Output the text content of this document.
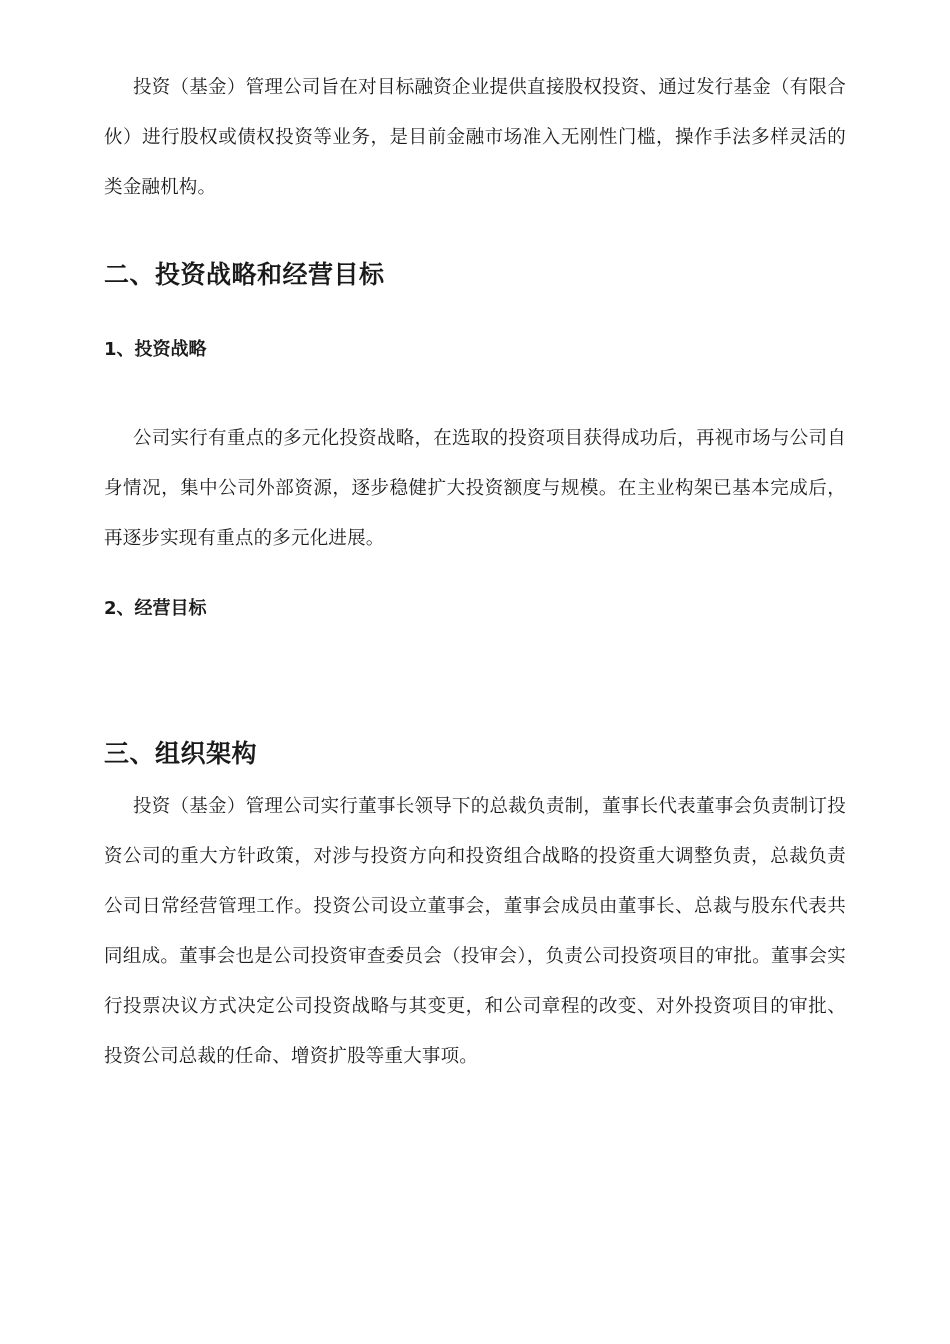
投资（基金）管理公司旨在对目标融资企业提供直接股权投资、通过发行基金（有限合伙）进行股权或债权投资等业务，是目前金融市场准入无刚性门槛，操作手法多样灵活的类金融机构。

二、投资战略和经营目标
1、投资战略

公司实行有重点的多元化投资战略，在选取的投资项目获得成功后，再视市场与公司自身情况，集中公司外部资源，逐步稳健扩大投资额度与规模。在主业构架已基本完成后，再逐步实现有重点的多元化进展。

2、经营目标
三、组织架构

投资（基金）管理公司实行董事长领导下的总裁负责制，董事长代表董事会负责制订投资公司的重大方针政策，对涉与投资方向和投资组合战略的投资重大调整负责，总裁负责公司日常经营管理工作。投资公司设立董事会，董事会成员由董事长、总裁与股东代表共同组成。董事会也是公司投资审查委员会（投审会），负责公司投资项目的审批。董事会实行投票决议方式决定公司投资战略与其变更，和公司章程的改变、对外投资项目的审批、投资公司总裁的任命、增资扩股等重大事项。
